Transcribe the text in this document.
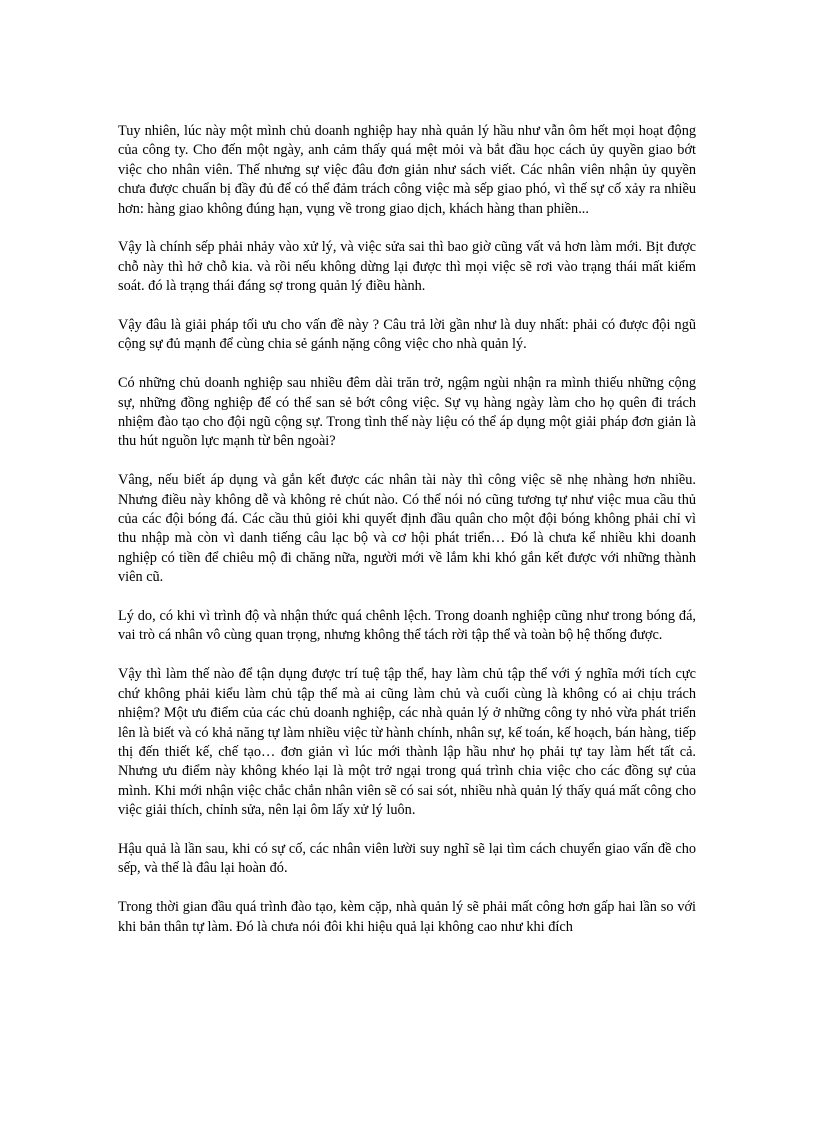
Tuy nhiên, lúc này một mình chủ doanh nghiệp hay nhà quản lý hầu như vẫn ôm hết mọi hoạt động của công ty. Cho đến một ngày, anh cảm thấy quá mệt mỏi và bắt đầu học cách ủy quyền giao bớt việc cho nhân viên. Thế nhưng sự việc đâu đơn giản như sách viết. Các nhân viên nhận ủy quyền chưa được chuẩn bị đầy đủ để có thể đảm trách công việc mà sếp giao phó, vì thế sự cố xảy ra nhiều hơn: hàng giao không đúng hạn, vụng về trong giao dịch, khách hàng than phiền...

Vậy là chính sếp phải nhảy vào xử lý, và việc sửa sai thì bao giờ cũng vất vả hơn làm mới. Bịt được chỗ này thì hở chỗ kia. và rồi nếu không dừng lại được thì mọi việc sẽ rơi vào trạng thái mất kiểm soát. đó là trạng thái đáng sợ trong quản lý điều hành.

Vậy đâu là giải pháp tối ưu cho vấn đề này ? Câu trả lời gần như là duy nhất: phải có được đội ngũ cộng sự đủ mạnh để cùng chia sẻ gánh nặng công việc cho nhà quản lý.

Có những chủ doanh nghiệp sau nhiều đêm dài trăn trở, ngậm ngùi nhận ra mình thiếu những cộng sự, những đồng nghiệp để có thể san sẻ bớt công việc. Sự vụ hàng ngày làm cho họ quên đi trách nhiệm đào tạo cho đội ngũ cộng sự. Trong tình thế này liệu có thể áp dụng một giải pháp đơn giản là thu hút nguồn lực mạnh từ bên ngoài?

Vâng, nếu biết áp dụng và gắn kết được các nhân tài này thì công việc sẽ nhẹ nhàng hơn nhiều. Nhưng điều này không dễ và không rẻ chút nào. Có thể nói nó cũng tương tự như việc mua cầu thủ của các đội bóng đá. Các cầu thủ giỏi khi quyết định đầu quân cho một đội bóng không phải chỉ vì thu nhập mà còn vì danh tiếng câu lạc bộ và cơ hội phát triển… Đó là chưa kể nhiều khi doanh nghiệp có tiền để chiêu mộ đi chăng nữa, người mới về lắm khi khó gắn kết được với những thành viên cũ.

Lý do, có khi vì trình độ và nhận thức quá chênh lệch. Trong doanh nghiệp cũng như trong bóng đá, vai trò cá nhân vô cùng quan trọng, nhưng không thể tách rời tập thể và toàn bộ hệ thống được.

Vậy thì làm thế nào để tận dụng được trí tuệ tập thể, hay làm chủ tập thể với ý nghĩa mới tích cực chứ không phải kiểu làm chủ tập thể mà ai cũng làm chủ và cuối cùng là không có ai chịu trách nhiệm? Một ưu điểm của các chủ doanh nghiệp, các nhà quản lý ở những công ty nhỏ vừa phát triển lên là biết và có khả năng tự làm nhiều việc từ hành chính, nhân sự, kế toán, kế hoạch, bán hàng, tiếp thị đến thiết kế, chế tạo… đơn giản vì lúc mới thành lập hầu như họ phải tự tay làm hết tất cả. Nhưng ưu điểm này không khéo lại là một trở ngại trong quá trình chia việc cho các đồng sự của mình. Khi mới nhận việc chắc chắn nhân viên sẽ có sai sót, nhiều nhà quản lý thấy quá mất công cho việc giải thích, chỉnh sửa, nên lại ôm lấy xử lý luôn.

Hậu quả là lần sau, khi có sự cố, các nhân viên lười suy nghĩ sẽ lại tìm cách chuyển giao vấn đề cho sếp, và thế là đâu lại hoàn đó.

Trong thời gian đầu quá trình đào tạo, kèm cặp, nhà quản lý sẽ phải mất công hơn gấp hai lần so với khi bản thân tự làm. Đó là chưa nói đôi khi hiệu quả lại không cao như khi đích
